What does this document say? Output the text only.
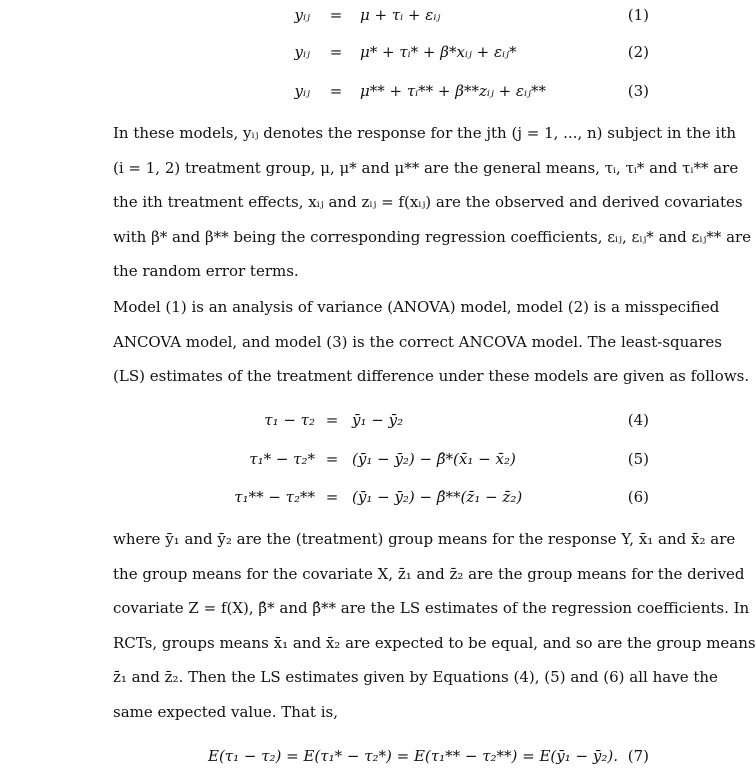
yᵢⱼ = μ + τᵢ + εᵢⱼ	(1)
yᵢⱼ = μ* + τᵢ* + β*xᵢⱼ + εᵢⱼ*	(2)
yᵢⱼ = μ** + τᵢ** + β**zᵢⱼ + εᵢⱼ**	(3)
In these models, yᵢⱼ denotes the response for the jth (j = 1, ..., n) subject in the ith
(i = 1, 2) treatment group, μ, μ* and μ** are the general means, τᵢ, τᵢ* and τᵢ** are
the ith treatment effects, xᵢⱼ and zᵢⱼ = f(xᵢⱼ) are the observed and derived covariates
with β* and β** being the corresponding regression coefficients, εᵢⱼ, εᵢⱼ* and εᵢⱼ** are
the random error terms.
Model (1) is an analysis of variance (ANOVA) model, model (2) is a misspecified
ANCOVA model, and model (3) is the correct ANCOVA model. The least-squares
(LS) estimates of the treatment difference under these models are given as follows.
τ₁ − τ₂ = ȳ₁ − ȳ₂	(4)
τ₁* − τ₂* = (ȳ₁ − ȳ₂) − β̂*(x̄₁ − x̄₂)	(5)
τ₁** − τ₂** = (ȳ₁ − ȳ₂) − β̂**(z̄₁ − z̄₂)	(6)
where ȳ₁ and ȳ₂ are the (treatment) group means for the response Y, x̄₁ and x̄₂ are
the group means for the covariate X, z̄₁ and z̄₂ are the group means for the derived
covariate Z = f(X), β̂* and β̂** are the LS estimates of the regression coefficients. In
RCTs, groups means x̄₁ and x̄₂ are expected to be equal, and so are the group means
z̄₁ and z̄₂. Then the LS estimates given by Equations (4), (5) and (6) all have the
same expected value. That is,
E(τ₁ − τ₂) = E(τ₁* − τ₂*) = E(τ₁** − τ₂**) = E(ȳ₁ − ȳ₂). (7)
